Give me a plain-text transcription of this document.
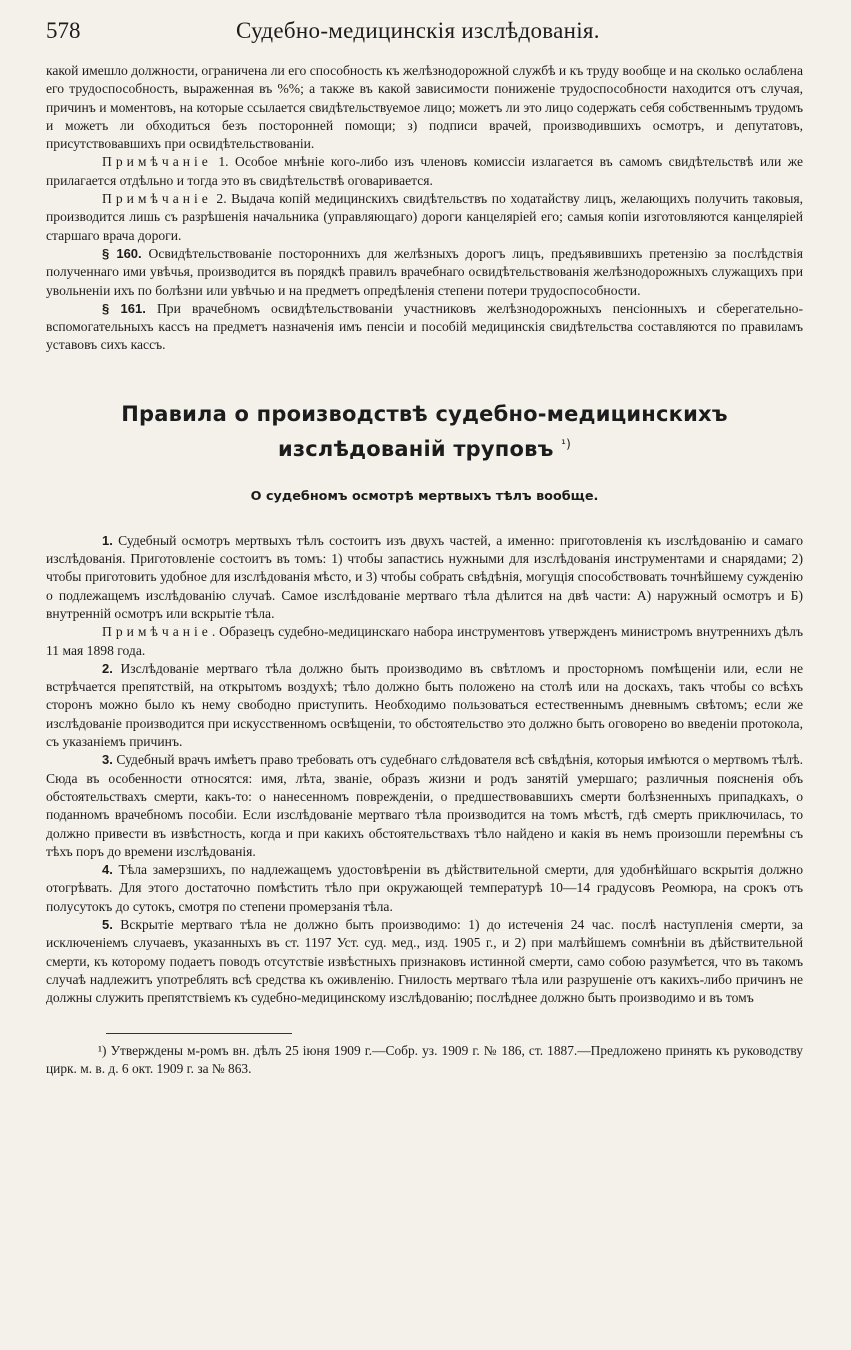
578	Судебно-медицинскія изслѣдованія.

какой имешло должности, ограничена ли его способность къ желѣзнодорожной службѣ и къ труду вообще и на сколько ослаблена его трудоспособность, выраженная въ %%; а также въ какой зависимости пониженіе трудоспособности находится отъ случая, причинъ и моментовъ, на которые ссылается свидѣтельствуемое лицо; можетъ ли это лицо содержать себя собственнымъ трудомъ и можетъ ли обходиться безъ посторонней помощи; з) подписи врачей, производившихъ осмотръ, и депутатовъ, присутствовавшихъ при освидѣтельствованіи.

Примѣчаніе 1. Особое мнѣніе кого-либо изъ членовъ комиссіи излагается въ самомъ свидѣтельствѣ или же прилагается отдѣльно и тогда это въ свидѣтельствѣ оговаривается.

Примѣчаніе 2. Выдача копій медицинскихъ свидѣтельствъ по ходатайству лицъ, желающихъ получить таковыя, производится лишь съ разрѣшенія начальника (управляющаго) дороги канцеляріей его; самыя копіи изготовляются канцеляріей старшаго врача дороги.

§ 160. Освидѣтельствованіе постороннихъ для желѣзныхъ дорогъ лицъ, предъявившихъ претензію за послѣдствія полученнаго ими увѣчья, производится въ порядкѣ правилъ врачебнаго освидѣтельствованія желѣзнодорожныхъ служащихъ при увольненіи ихъ по болѣзни или увѣчью и на предметъ опредѣленія степени потери трудоспособности.

§ 161. При врачебномъ освидѣтельствованіи участниковъ желѣзнодорожныхъ пенсіонныхъ и сберегательно-вспомогательныхъ кассъ на предметъ назначенія имъ пенсіи и пособій медицинскія свидѣтельства составляются по правиламъ уставовъ сихъ кассъ.

Правила о производствѣ судебно-медицинскихъ изслѣдованій труповъ $^{^1)}$
О судебномъ осмотрѣ мертвыхъ тѣлъ вообще.

1. Судебный осмотръ мертвыхъ тѣлъ состоитъ изъ двухъ частей, а именно: приготовленія къ изслѣдованію и самаго изслѣдованія. Приготовленіе состоитъ въ томъ: 1) чтобы запастись нужными для изслѣдованія инструментами и снарядами; 2) чтобы приготовить удобное для изслѣдованія мѣсто, и 3) чтобы собрать свѣдѣнія, могущія способствовать точнѣйшему сужденію о подлежащемъ изслѣдованію случаѣ. Самое изслѣдованіе мертваго тѣла дѣлится на двѣ части: А) наружный осмотръ и Б) внутренній осмотръ или вскрытіе тѣла.

Примѣчаніе. Образецъ судебно-медицинскаго набора инструментовъ утвержденъ министромъ внутреннихъ дѣлъ 11 мая 1898 года.

2. Изслѣдованіе мертваго тѣла должно быть производимо въ свѣтломъ и просторномъ помѣщеніи или, если не встрѣчается препятствій, на открытомъ воздухѣ; тѣло должно быть положено на столѣ или на доскахъ, такъ чтобы со всѣхъ сторонъ можно было къ нему свободно приступить. Необходимо пользоваться естественнымъ дневнымъ свѣтомъ; если же изслѣдованіе производится при искусственномъ освѣщеніи, то обстоятельство это должно быть оговорено во введеніи протокола, съ указаніемъ причинъ.

3. Судебный врачъ имѣетъ право требовать отъ судебнаго слѣдователя всѣ свѣдѣнія, которыя имѣются о мертвомъ тѣлѣ. Сюда въ особенности относятся: имя, лѣта, званіе, образъ жизни и родъ занятій умершаго; различныя поясненія объ обстоятельствахъ смерти, какъ-то: о нанесенномъ поврежденіи, о предшествовавшихъ смерти болѣзненныхъ припадкахъ, о поданномъ врачебномъ пособіи. Если изслѣдованіе мертваго тѣла производится на томъ мѣстѣ, гдѣ смерть приключилась, то должно привести въ извѣстность, когда и при какихъ обстоятельствахъ тѣло найдено и какія въ немъ произошли перемѣны съ тѣхъ поръ до времени изслѣдованія.

4. Тѣла замерзшихъ, по надлежащемъ удостовѣреніи въ дѣйствительной смерти, для удобнѣйшаго вскрытія должно отогрѣвать. Для этого достаточно помѣстить тѣло при окружающей температурѣ 10—14 градусовъ Реомюра, на срокъ отъ полусутокъ до сутокъ, смотря по степени промерзанія тѣла.

5. Вскрытіе мертваго тѣла не должно быть производимо: 1) до истеченія 24 час. послѣ наступленія смерти, за исключеніемъ случаевъ, указанныхъ въ ст. 1197 Уст. суд. мед., изд. 1905 г., и 2) при малѣйшемъ сомнѣніи въ дѣйствительной смерти, къ которому подаетъ поводъ отсутствіе извѣстныхъ признаковъ истинной смерти, само собою разумѣется, что въ такомъ случаѣ надлежитъ употреблять всѣ средства къ оживленію. Гнилость мертваго тѣла или разрушеніе отъ какихъ-либо причинъ не должны служить препятствіемъ къ судебно-медицинскому изслѣдованію; послѣднее должно быть производимо и въ томъ

¹) Утверждены м-ромъ вн. дѣлъ 25 іюня 1909 г.—Собр. уз. 1909 г. № 186, ст. 1887.—Предложено принять къ руководству цирк. м. в. д. 6 окт. 1909 г. за № 863.
